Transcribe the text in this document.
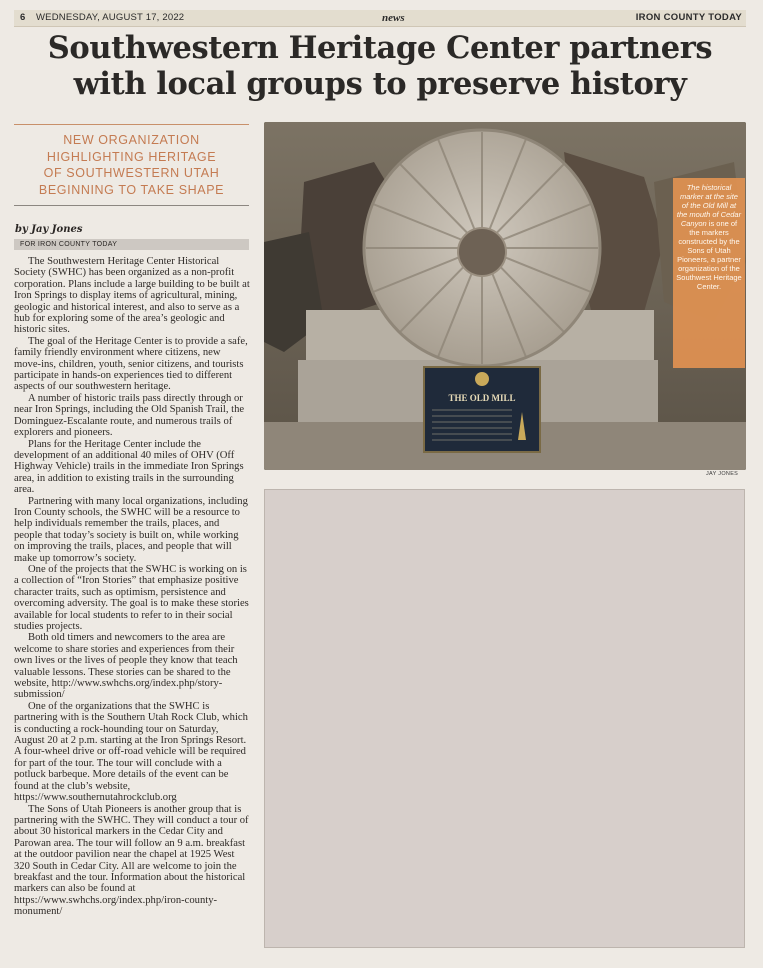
6 WEDNESDAY, AUGUST 17, 2022	news	IRON COUNTY TODAY
Southwestern Heritage Center partners
with local groups to preserve history
NEW ORGANIZATION
HIGHLIGHTING HERITAGE
OF SOUTHWESTERN UTAH
BEGINNING TO TAKE SHAPE
by Jay Jones
FOR IRON COUNTY TODAY

The Southwestern Heritage Center Historical Society (SWHC) has been organized as a non-profit corporation. Plans include a large building to be built at Iron Springs to display items of agricultural, mining, geologic and historical interest, and also to serve as a hub for exploring some of the area’s geologic and historic sites.

The goal of the Heritage Center is to provide a safe, family friendly environment where citizens, new move-ins, children, youth, senior citizens, and tourists participate in hands-on experiences tied to different aspects of our southwestern heritage.

A number of historic trails pass directly through or near Iron Springs, including the Old Spanish Trail, the Dominguez-Escalante route, and numerous trails of explorers and pioneers.

Plans for the Heritage Center include the development of an additional 40 miles of OHV (Off Highway Vehicle) trails in the immediate Iron Springs area, in addition to existing trails in the surrounding area.

Partnering with many local organizations, including Iron County schools, the SWHC will be a resource to help individuals remember the trails, places, and people that today’s society is built on, while working on improving the trails, places, and people that will make up tomorrow’s society.

One of the projects that the SWHC is working on is a collection of “Iron Stories” that emphasize positive character traits, such as optimism, persistence and overcoming adversity. The goal is to make these stories available for local students to refer to in their social studies projects.

Both old timers and newcomers to the area are welcome to share stories and experiences from their own lives or the lives of people they know that teach valuable lessons. These stories can be shared to the website, http://www.swhchs.org/index.php/story-submission/

One of the organizations that the SWHC is partnering with is the Southern Utah Rock Club, which is conducting a rock-hounding tour on Saturday, August 20 at 2 p.m. starting at the Iron Springs Resort. A four-wheel drive or off-road vehicle will be required for part of the tour. The tour will conclude with a potluck barbeque. More details of the event can be found at the club’s website, https://www.southernutahrockclub.org

The Sons of Utah Pioneers is another group that is partnering with the SWHC. They will conduct a tour of about 30 historical markers in the Cedar City and Parowan area. The tour will follow an 9 a.m. breakfast at the outdoor pavilion near the chapel at 1925 West 320 South in Cedar City. All are welcome to join the breakfast and the tour. Information about the historical markers can also be found at https://www.swhchs.org/index.php/iron-county-monument/

THE OLD MILL
The historical marker at the site of the Old Mill at the mouth of Cedar Canyon is one of the markers constructed by the Sons of Utah Pioneers, a partner organization of the Southwest Heritage Center.
JAY JONES
